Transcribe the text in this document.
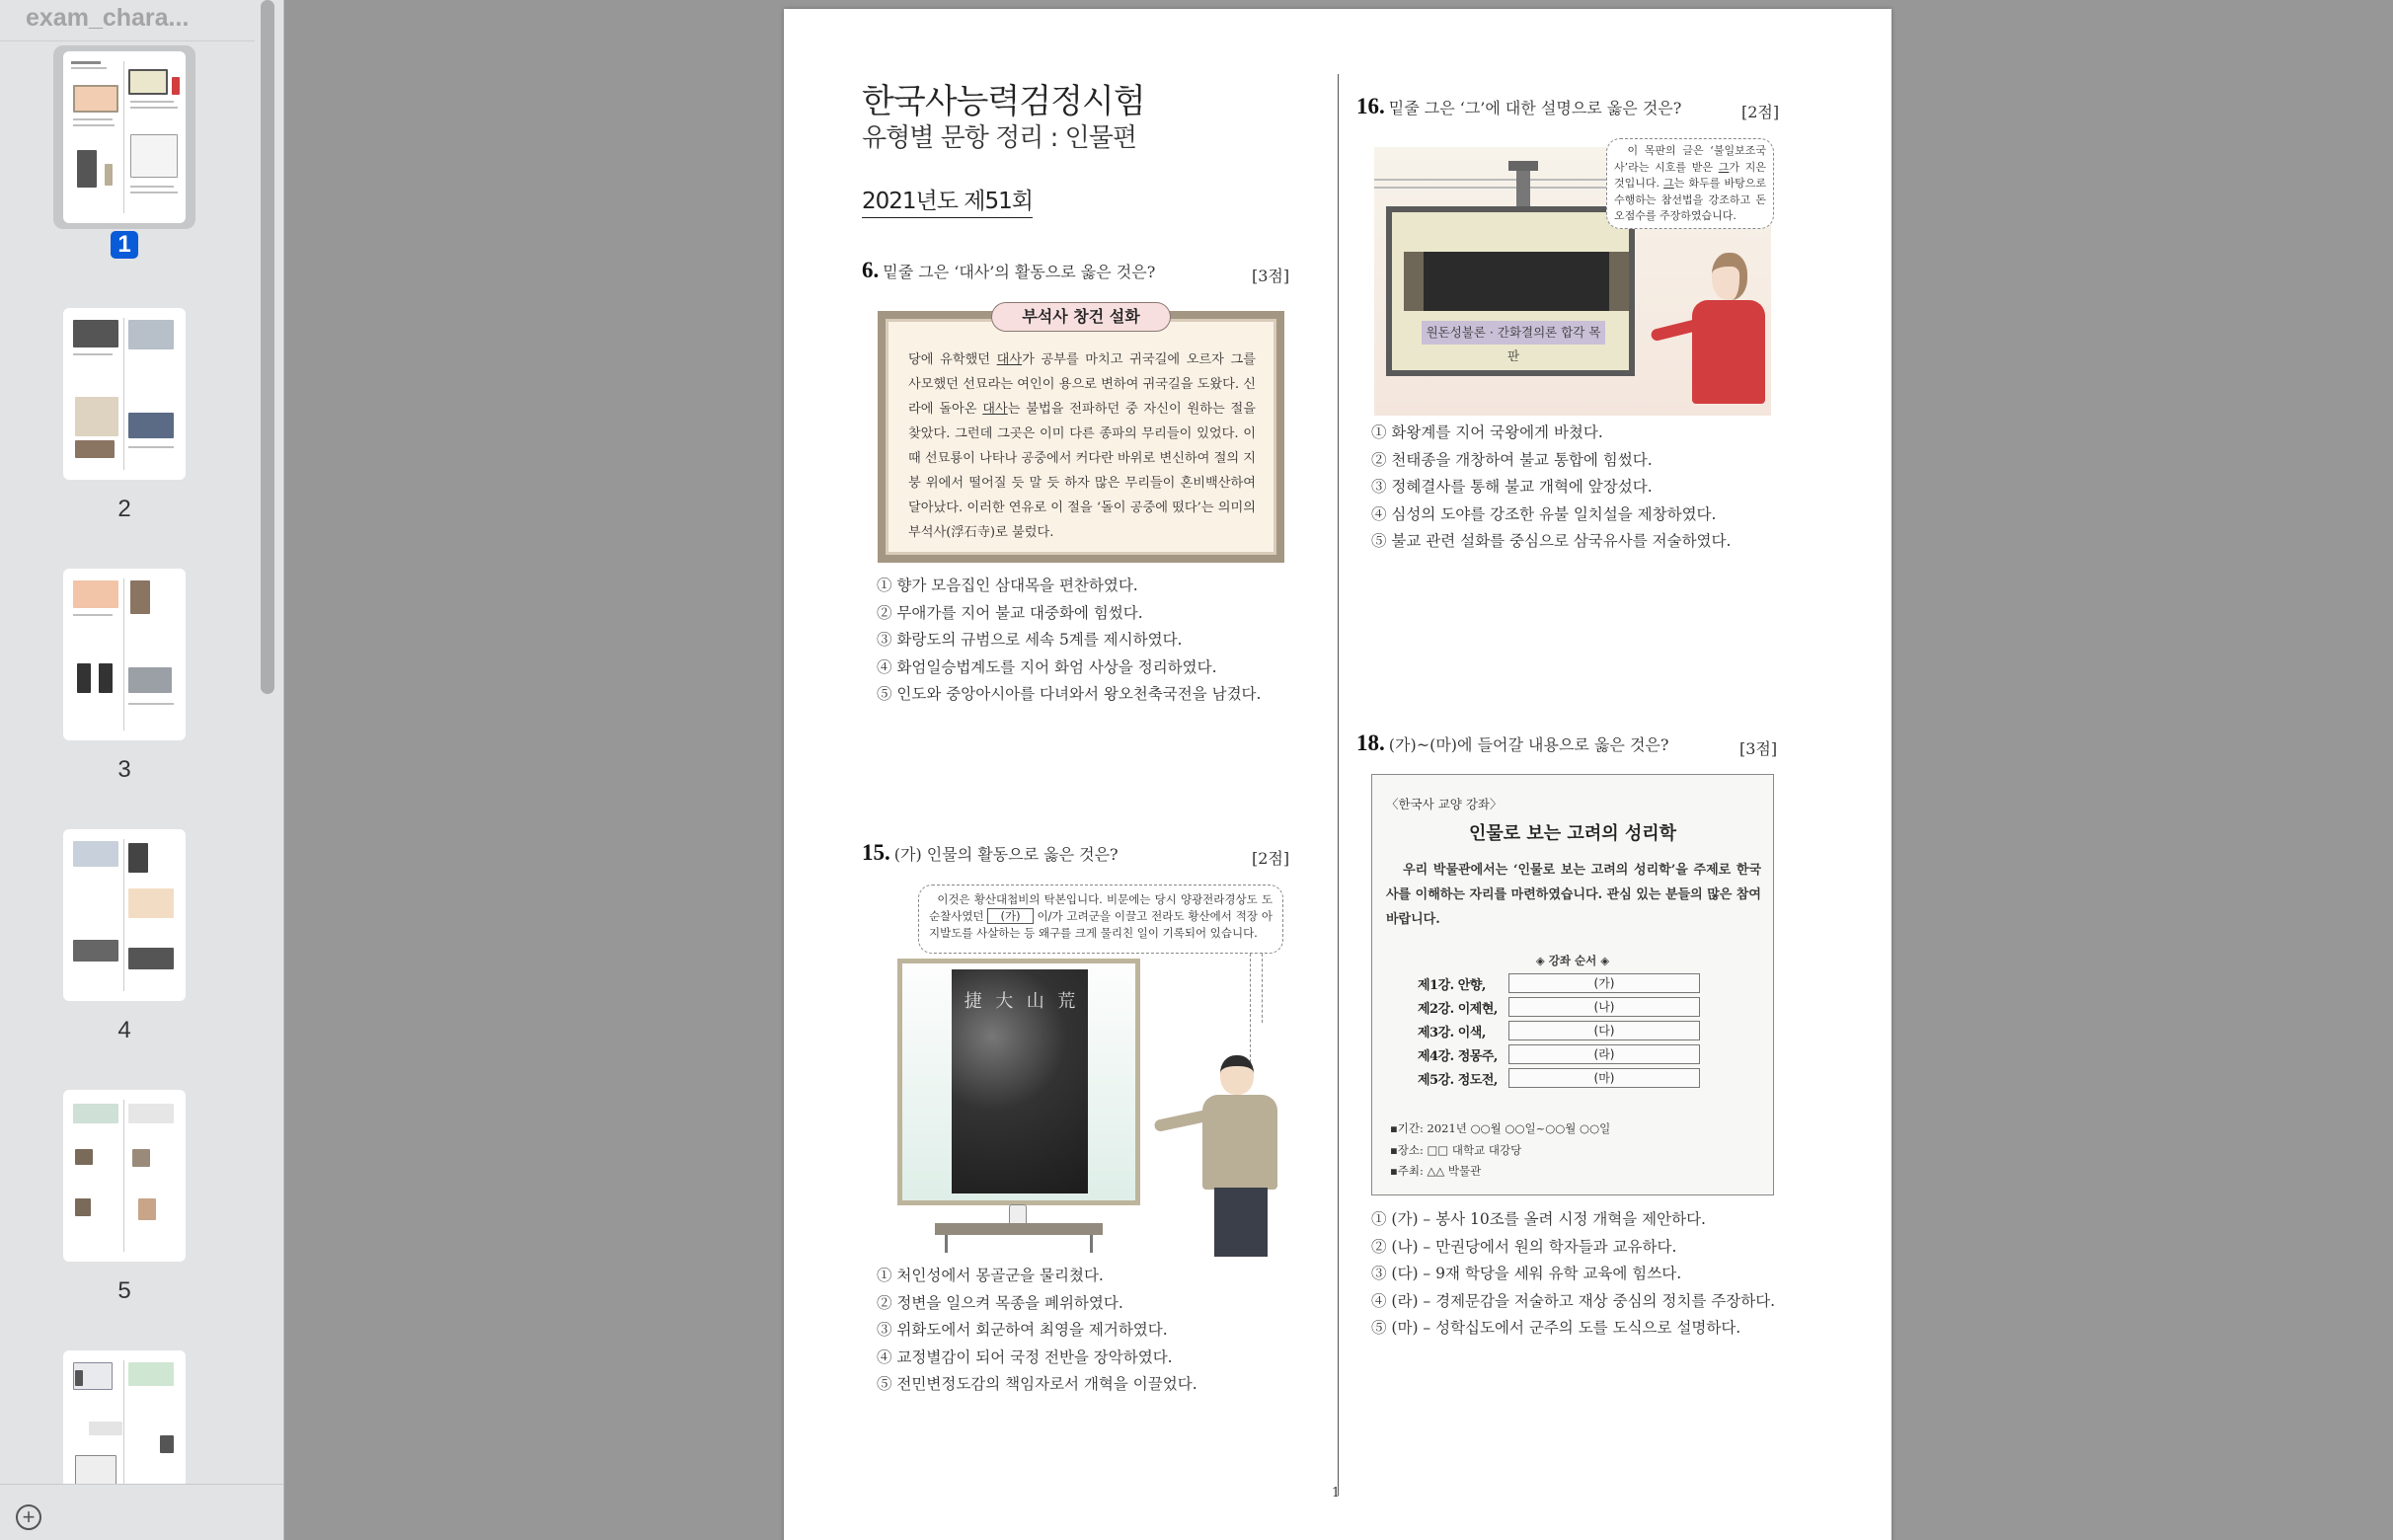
exam_chara...
1
2
3
4
5
+
한국사능력검정시험
유형별 문항 정리 : 인물편
2021년도 제51회
6. 밑줄 그은 ‘대사’의 활동으로 옳은 것은?	[3점]
당에 유학했던 대사가 공부를 마치고 귀국길에 오르자 그를 사모했던 선묘라는 여인이 용으로 변하여 귀국길을 도왔다. 신라에 돌아온 대사는 불법을 전파하던 중 자신이 원하는 절을 찾았다. 그런데 그곳은 이미 다른 종파의 무리들이 있었다. 이때 선묘룡이 나타나 공중에서 커다란 바위로 변신하여 절의 지붕 위에서 떨어질 듯 말 듯 하자 많은 무리들이 혼비백산하여 달아났다. 이러한 연유로 이 절을 ‘돌이 공중에 떴다’는 의미의 부석사(浮石寺)로 불렀다.
부석사 창건 설화
① 향가 모음집인 삼대목을 편찬하였다.
② 무애가를 지어 불교 대중화에 힘썼다.
③ 화랑도의 규범으로 세속 5계를 제시하였다.
④ 화엄일승법계도를 지어 화엄 사상을 정리하였다.
⑤ 인도와 중앙아시아를 다녀와서 왕오천축국전을 남겼다.
15. (가) 인물의 활동으로 옳은 것은?	[2점]
이것은 황산대첩비의 탁본입니다. 비문에는 당시 양광전라경상도 도순찰사였던 (가) 이/가 고려군을 이끌고 전라도 황산에서 적장 아지발도를 사살하는 등 왜구를 크게 물리친 일이 기록되어 있습니다.
捷 大 山 荒
① 처인성에서 몽골군을 물리쳤다.
② 정변을 일으켜 목종을 폐위하였다.
③ 위화도에서 회군하여 최영을 제거하였다.
④ 교정별감이 되어 국정 전반을 장악하였다.
⑤ 전민변정도감의 책임자로서 개혁을 이끌었다.
16. 밑줄 그은 ‘그’에 대한 설명으로 옳은 것은?	[2점]
원돈성불론 · 간화결의론 합각 목판
이 목판의 글은 ‘불일보조국사’라는 시호를 받은 그가 지은 것입니다. 그는 화두를 바탕으로 수행하는 참선법을 강조하고 돈오점수를 주장하였습니다.
① 화왕계를 지어 국왕에게 바쳤다.
② 천태종을 개창하여 불교 통합에 힘썼다.
③ 정혜결사를 통해 불교 개혁에 앞장섰다.
④ 심성의 도야를 강조한 유불 일치설을 제창하였다.
⑤ 불교 관련 설화를 중심으로 삼국유사를 저술하였다.
18. (가)~(마)에 들어갈 내용으로 옳은 것은?	[3점]
〈한국사 교양 강좌〉
인물로 보는 고려의 성리학
우리 박물관에서는 ‘인물로 보는 고려의 성리학’을 주제로 한국사를 이해하는 자리를 마련하였습니다. 관심 있는 분들의 많은 참여 바랍니다.
◈ 강좌 순서 ◈
제1강. 안향,	(가)
제2강. 이제현,	(나)
제3강. 이색,	(다)
제4강. 정몽주,	(라)
제5강. 정도전,	(마)
▪기간: 2021년 ○○월 ○○일~○○월 ○○일
▪장소: □□ 대학교 대강당
▪주최: △△ 박물관
① (가) – 봉사 10조를 올려 시정 개혁을 제안하다.
② (나) – 만권당에서 원의 학자들과 교유하다.
③ (다) – 9재 학당을 세워 유학 교육에 힘쓰다.
④ (라) – 경제문감을 저술하고 재상 중심의 정치를 주장하다.
⑤ (마) – 성학십도에서 군주의 도를 도식으로 설명하다.
1
